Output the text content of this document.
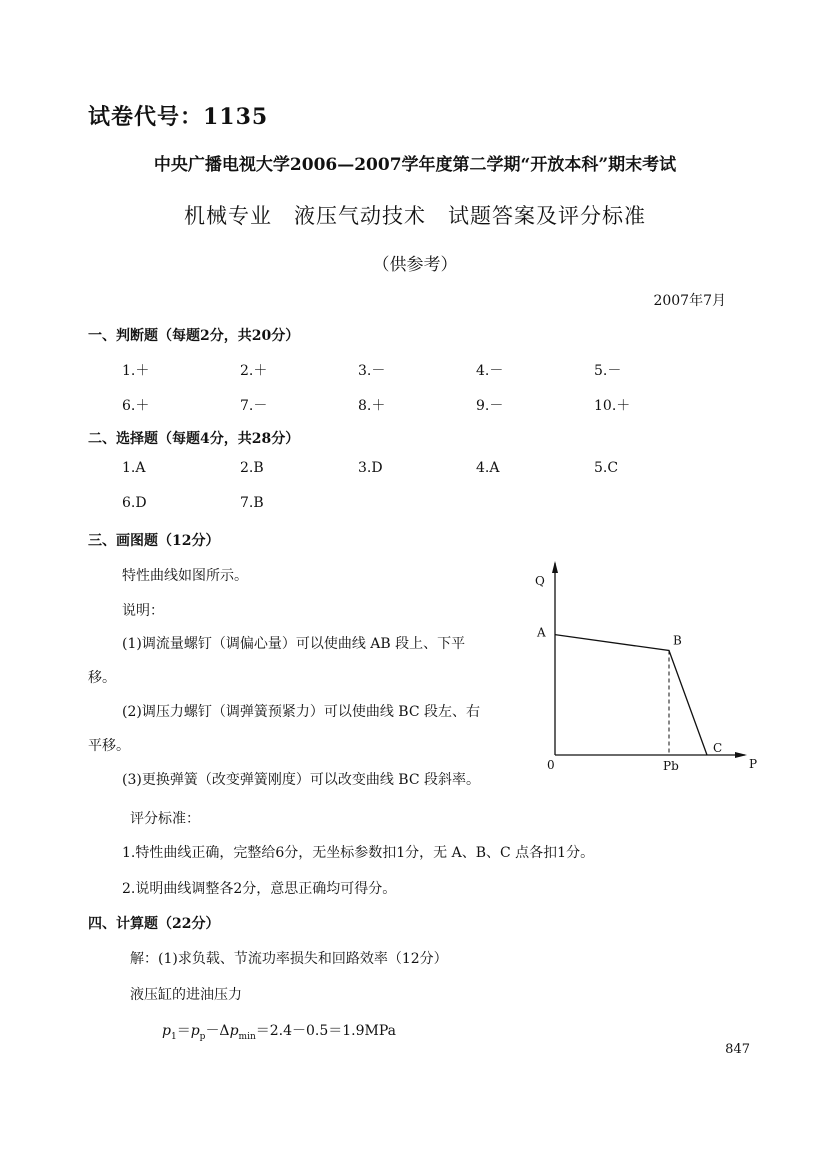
试卷代号：1135
中央广播电视大学2006—2007学年度第二学期“开放本科”期末考试
机械专业　液压气动技术　试题答案及评分标准
（供参考）
2007年7月
一、判断题（每题2分，共20分）
1.＋	2.＋	3.－	4.－	5.－
6.＋	7.－	8.＋	9.－	10.＋
二、选择题（每题4分，共28分）
1.A	2.B	3.D	4.A	5.C
6.D	7.B
三、画图题（12分）
特性曲线如图所示。
说明：
(1)调流量螺钉（调偏心量）可以使曲线 AB 段上、下平
移。
(2)调压力螺钉（调弹簧预紧力）可以使曲线 BC 段左、右
平移。
(3)更换弹簧（改变弹簧刚度）可以改变曲线 BC 段斜率。
Q
P
0	Pb
A
B
C
评分标准：
1.特性曲线正确，完整给6分，无坐标参数扣1分，无 A、B、C 点各扣1分。
2.说明曲线调整各2分，意思正确均可得分。
四、计算题（22分）
解：(1)求负载、节流功率损失和回路效率（12分）
液压缸的进油压力
$p_1=p_p-\Delta p_{min}=2.4-0.5=1.9MPa$
847
